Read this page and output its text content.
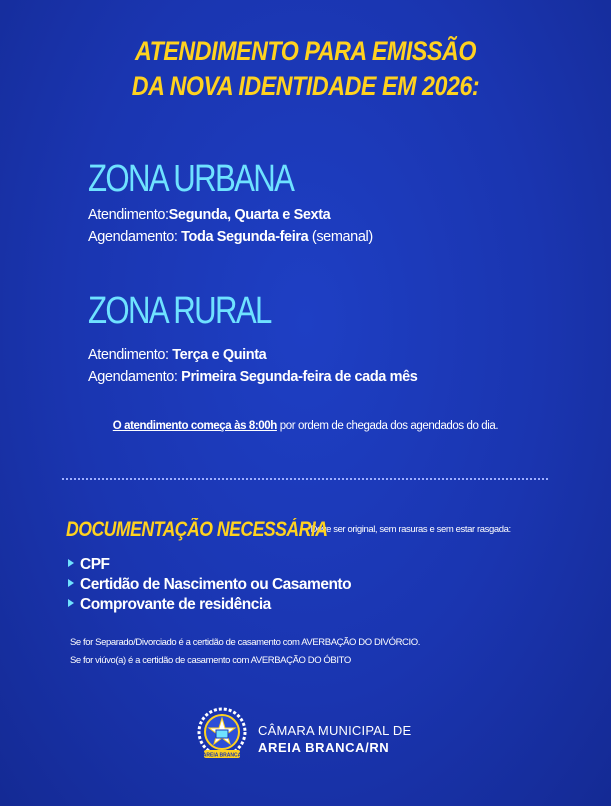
ATENDIMENTO PARA EMISSÃO
DA NOVA IDENTIDADE EM 2026:
ZONA URBANA
Atendimento:Segunda, Quarta e Sexta
Agendamento: Toda Segunda-feira (semanal)
ZONA RURAL
Atendimento: Terça e Quinta
Agendamento: Primeira Segunda-feira de cada mês
O atendimento começa às 8:00h por ordem de chegada dos agendados do dia.
DOCUMENTAÇÃO NECESSÁRIA Deve ser original, sem rasuras e sem estar rasgada:
CPF
Certidão de Nascimento ou Casamento
Comprovante de residência
Se for Separado/Divorciado é a certidão de casamento com AVERBAÇÃO DO DIVÓRCIO.
Se for viúvo(a) é a certidão de casamento com AVERBAÇÃO DO ÓBITO
AREIA BRANCA
CÂMARA MUNICIPAL DE
AREIA BRANCA/RN
